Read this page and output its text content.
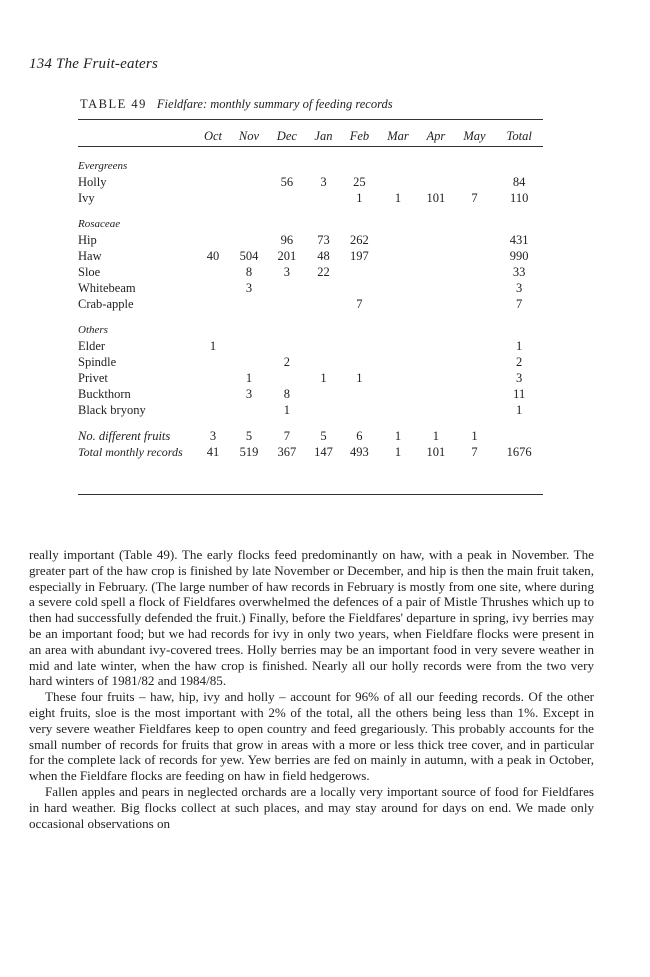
134 The Fruit-eaters
TABLE 49 Fieldfare: monthly summary of feeding records
	Oct	Nov	Dec	Jan	Feb	Mar	Apr	May	Total
Evergreens									
Holly			56	3	25				84
Ivy					1	1	101	7	110
Rosaceae									
Hip			96	73	262				431
Haw	40	504	201	48	197				990
Sloe		8	3	22					33
Whitebeam		3							3
Crab-apple					7				7
Others									
Elder	1								1
Spindle			2						2
Privet		1		1	1				3
Buckthorn		3	8						11
Black bryony			1						1
No. different fruits	3	5	7	5	6	1	1	1	
Total monthly records	41	519	367	147	493	1	101	7	1676

really important (Table 49). The early flocks feed predominantly on haw, with a peak in November. The greater part of the haw crop is finished by late November or December, and hip is then the main fruit taken, especially in February. (The large number of haw records in February is mostly from one site, where during a severe cold spell a flock of Fieldfares overwhelmed the defences of a pair of Mistle Thrushes which up to then had successfully defended the fruit.) Finally, before the Fieldfares' departure in spring, ivy berries may be an important food; but we had records for ivy in only two years, when Fieldfare flocks were present in an area with abundant ivy-covered trees. Holly berries may be an important food in very severe weather in mid and late winter, when the haw crop is finished. Nearly all our holly records were from the two very hard winters of 1981/82 and 1984/85.

These four fruits – haw, hip, ivy and holly – account for 96% of all our feeding records. Of the other eight fruits, sloe is the most important with 2% of the total, all the others being less than 1%. Except in very severe weather Fieldfares keep to open country and feed gregariously. This probably accounts for the small number of records for fruits that grow in areas with a more or less thick tree cover, and in particular for the complete lack of records for yew. Yew berries are fed on mainly in autumn, with a peak in October, when the Fieldfare flocks are feeding on haw in field hedgerows.

Fallen apples and pears in neglected orchards are a locally very important source of food for Fieldfares in hard weather. Big flocks collect at such places, and may stay around for days on end. We made only occasional observations on
